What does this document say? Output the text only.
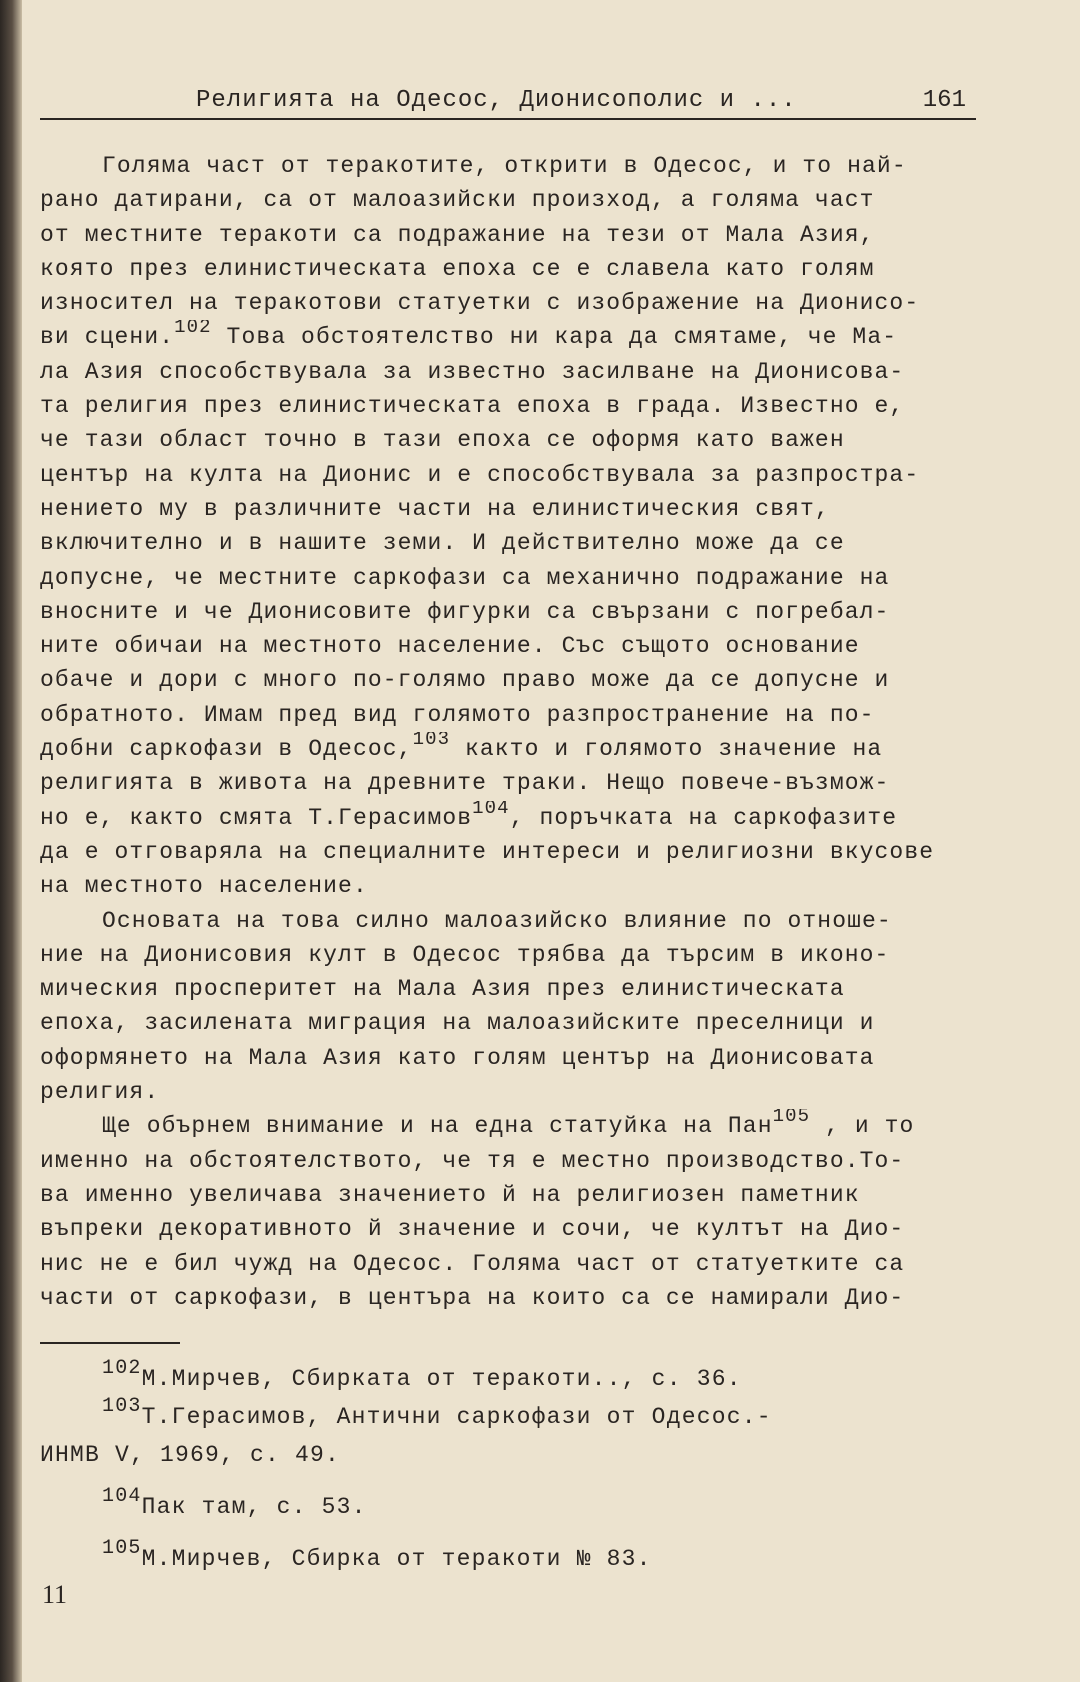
Религията на Одесос, Дионисополис и ...	161
Голяма част от теракотите, открити в Одесос, и то най-
рано датирани, са от малоазийски произход, а голяма част
от местните теракоти са подражание на тези от Мала Азия,
която през елинистическата епоха се е славела като голям
износител на теракотови статуетки с изображение на Дионисо-
ви сцени.$^{102}$ Това обстоятелство ни кара да смятаме, че Ма-
ла Азия способствувала за известно засилване на Дионисова-
та религия през елинистическата епоха в града. Известно е,
че тази област точно в тази епоха се оформя като важен
център на култа на Дионис и е способствувала за разпростра-
нението му в различните части на елинистическия свят,
включително и в нашите земи. И действително може да се
допусне, че местните саркофази са механично подражание на
вносните и че Дионисовите фигурки са свързани с погребал-
ните обичаи на местното население. Със същото основание
обаче и дори с много по-голямо право може да се допусне и
обратното. Имам пред вид голямото разпространение на по-
добни саркофази в Одесос,$^{103}$ както и голямото значение на
религията в живота на древните траки. Нещо повече-възмож-
но е, както смята Т.Герасимов$^{104}$, поръчката на саркофазите
да е отговаряла на специалните интереси и религиозни вкусове
на местното население.
Основата на това силно малоазийско влияние по отноше-
ние на Дионисовия култ в Одесос трябва да търсим в иконо-
мическия просперитет на Мала Азия през елинистическата
епоха, засилената миграция на малоазийските преселници и
оформянето на Мала Азия като голям център на Дионисовата
религия.
Ще обърнем внимание и на една статуйка на Пан$^{105}$ , и то
именно на обстоятелството, че тя е местно производство.То-
ва именно увеличава значението й на религиозен паметник
въпреки декоративното й значение и сочи, че култът на Дио-
нис не е бил чужд на Одесос. Голяма част от статуетките са
части от саркофази, в центъра на които са се намирали Дио-
$^{102}$М.Мирчев, Сбирката от теракоти.., с. 36.
$^{103}$Т.Герасимов, Антични саркофази от Одесос.-
ИНМВ V, 1969, с. 49.
$^{104}$Пак там, с. 53.
$^{105}$М.Мирчев, Сбирка от теракоти № 83.
11
